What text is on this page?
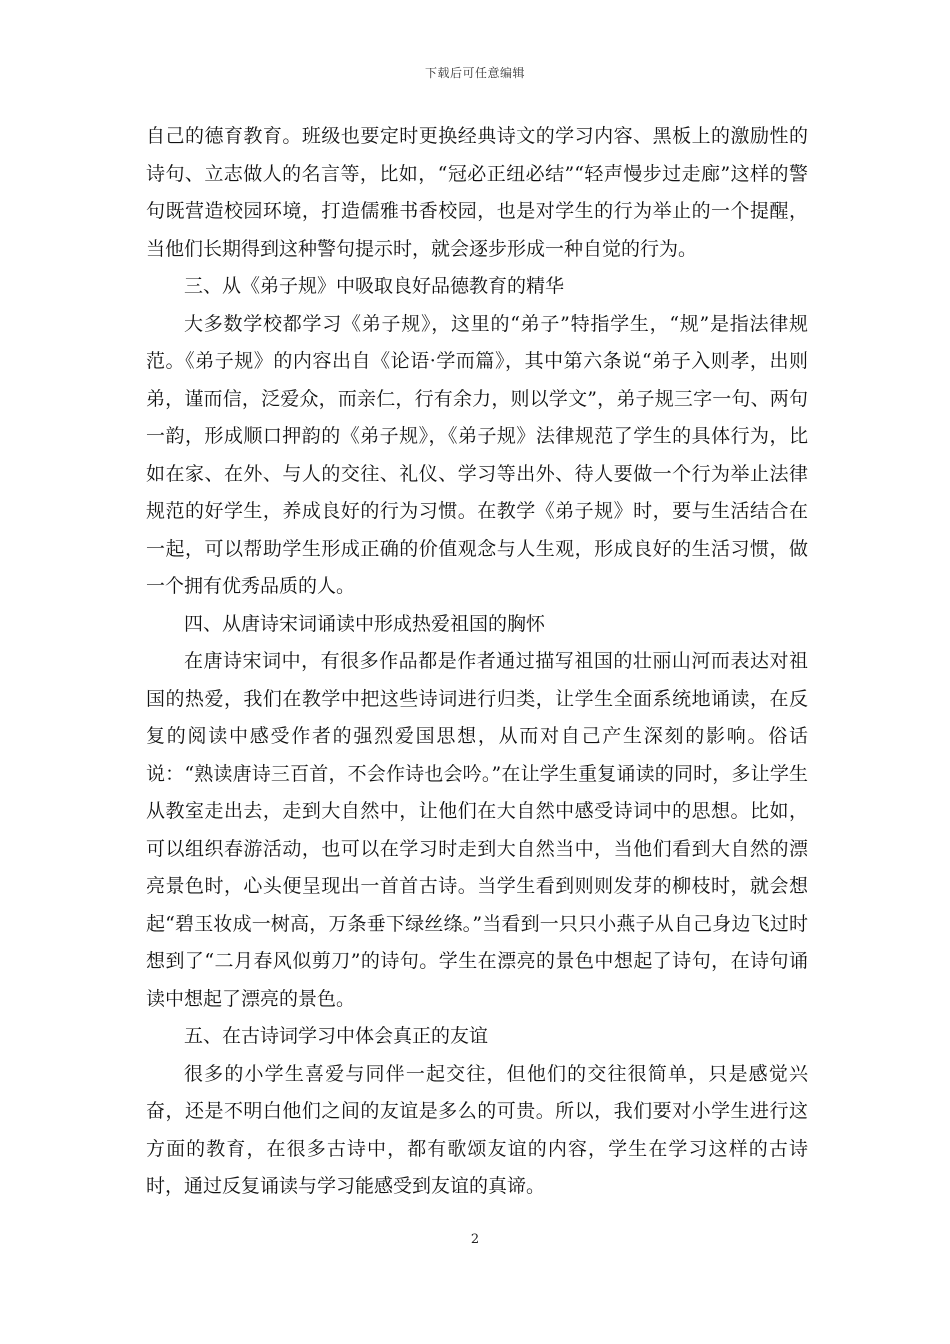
下载后可任意编辑

自己的德育教育。班级也要定时更换经典诗文的学习内容、黑板上的激励性的诗句、立志做人的名言等，比如，“冠必正纽必结”“轻声慢步过走廊”这样的警句既营造校园环境，打造儒雅书香校园，也是对学生的行为举止的一个提醒，当他们长期得到这种警句提示时，就会逐步形成一种自觉的行为。

三、从《弟子规》中吸取良好品德教育的精华

大多数学校都学习《弟子规》，这里的“弟子”特指学生，“规”是指法律规范。《弟子规》的内容出自《论语·学而篇》，其中第六条说“弟子入则孝，出则弟，谨而信，泛爱众，而亲仁，行有余力，则以学文”，弟子规三字一句、两句一韵，形成顺口押韵的《弟子规》，《弟子规》法律规范了学生的具体行为，比如在家、在外、与人的交往、礼仪、学习等出外、待人要做一个行为举止法律规范的好学生，养成良好的行为习惯。在教学《弟子规》时，要与生活结合在一起，可以帮助学生形成正确的价值观念与人生观，形成良好的生活习惯，做一个拥有优秀品质的人。

四、从唐诗宋词诵读中形成热爱祖国的胸怀

在唐诗宋词中，有很多作品都是作者通过描写祖国的壮丽山河而表达对祖国的热爱，我们在教学中把这些诗词进行归类，让学生全面系统地诵读，在反复的阅读中感受作者的强烈爱国思想，从而对自己产生深刻的影响。俗话说：“熟读唐诗三百首，不会作诗也会吟。”在让学生重复诵读的同时，多让学生从教室走出去，走到大自然中，让他们在大自然中感受诗词中的思想。比如，可以组织春游活动，也可以在学习时走到大自然当中，当他们看到大自然的漂亮景色时，心头便呈现出一首首古诗。当学生看到则则发芽的柳枝时，就会想起“碧玉妆成一树高，万条垂下绿丝绦。”当看到一只只小燕子从自己身边飞过时想到了“二月春风似剪刀”的诗句。学生在漂亮的景色中想起了诗句，在诗句诵读中想起了漂亮的景色。

五、在古诗词学习中体会真正的友谊

很多的小学生喜爱与同伴一起交往，但他们的交往很简单，只是感觉兴奋，还是不明白他们之间的友谊是多么的可贵。所以，我们要对小学生进行这方面的教育，在很多古诗中，都有歌颂友谊的内容，学生在学习这样的古诗时，通过反复诵读与学习能感受到友谊的真谛。

2
